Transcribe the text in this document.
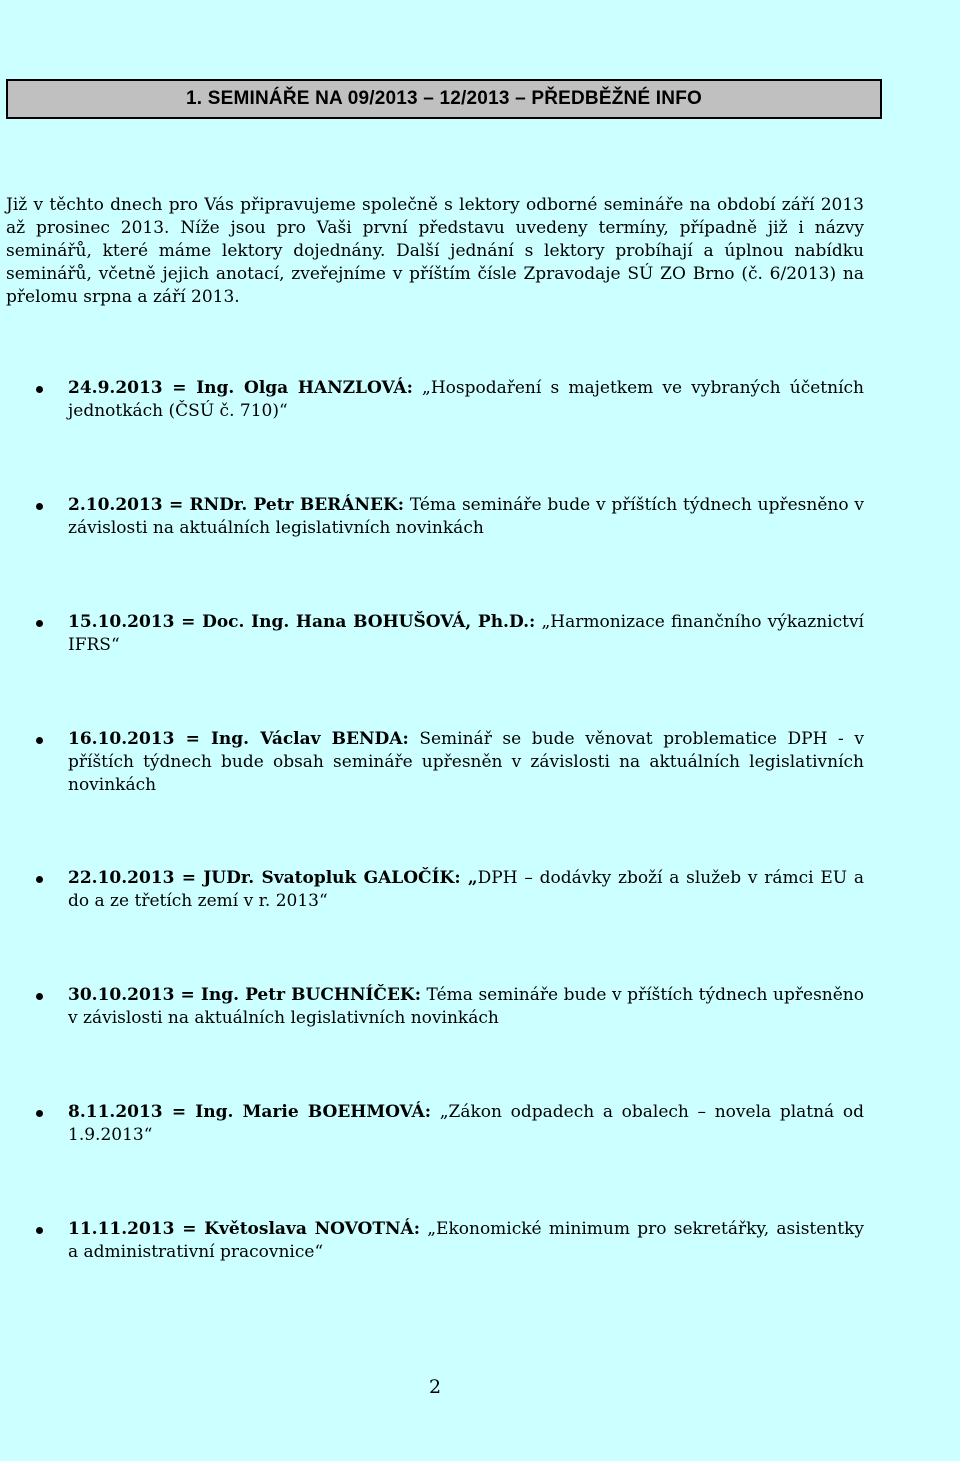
1. SEMINÁŘE NA 09/2013 – 12/2013 – PŘEDBĚŽNÉ INFO

Již v těchto dnech pro Vás připravujeme společně s lektory odborné semináře na období září 2013 až prosinec 2013. Níže jsou pro Vaši první představu uvedeny termíny, případně již i názvy seminářů, které máme lektory dojednány. Další jednání s lektory probíhají a úplnou nabídku seminářů, včetně jejich anotací, zveřejníme v příštím čísle Zpravodaje SÚ ZO Brno (č. 6/2013) na přelomu srpna a září 2013.

24.9.2013 = Ing. Olga HANZLOVÁ: „Hospodaření s majetkem ve vybraných účetních jednotkách (ČSÚ č. 710)“
2.10.2013 = RNDr. Petr BERÁNEK: Téma semináře bude v příštích týdnech upřesněno v závislosti na aktuálních legislativních novinkách
15.10.2013 = Doc. Ing. Hana BOHUŠOVÁ, Ph.D.: „Harmonizace finančního výkaznictví IFRS“
16.10.2013 = Ing. Václav BENDA: Seminář se bude věnovat problematice DPH - v příštích týdnech bude obsah semináře upřesněn v závislosti na aktuálních legislativních novinkách
22.10.2013 = JUDr. Svatopluk GALOČÍK: „DPH – dodávky zboží a služeb v rámci EU a do a ze třetích zemí v r. 2013“
30.10.2013 = Ing. Petr BUCHNÍČEK: Téma semináře bude v příštích týdnech upřesněno v závislosti na aktuálních legislativních novinkách
8.11.2013 = Ing. Marie BOEHMOVÁ: „Zákon odpadech a obalech – novela platná od 1.9.2013“
11.11.2013 = Květoslava NOVOTNÁ: „Ekonomické minimum pro sekretářky, asistentky a administrativní pracovnice“
2
